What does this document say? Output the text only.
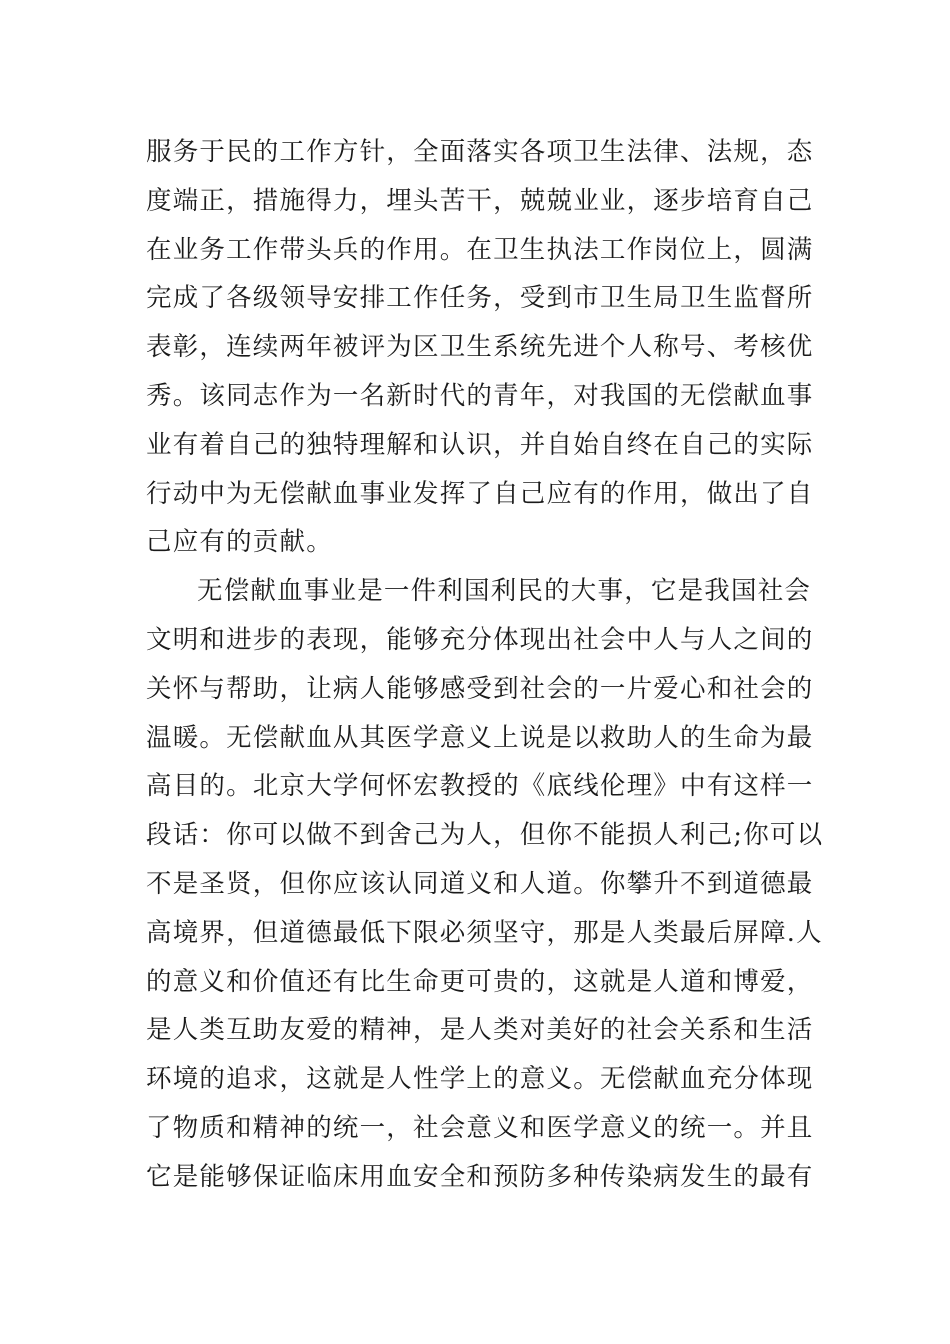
服务于民的工作方针，全面落实各项卫生法律、法规，态
度端正，措施得力，埋头苦干，兢兢业业，逐步培育自己
在业务工作带头兵的作用。在卫生执法工作岗位上，圆满
完成了各级领导安排工作任务，受到市卫生局卫生监督所
表彰，连续两年被评为区卫生系统先进个人称号、考核优
秀。该同志作为一名新时代的青年，对我国的无偿献血事
业有着自己的独特理解和认识，并自始自终在自己的实际
行动中为无偿献血事业发挥了自己应有的作用，做出了自
己应有的贡献。
无偿献血事业是一件利国利民的大事，它是我国社会
文明和进步的表现，能够充分体现出社会中人与人之间的
关怀与帮助，让病人能够感受到社会的一片爱心和社会的
温暖。无偿献血从其医学意义上说是以救助人的生命为最
高目的。北京大学何怀宏教授的《底线伦理》中有这样一
段话：你可以做不到舍己为人，但你不能损人利己;你可以
不是圣贤，但你应该认同道义和人道。你攀升不到道德最
高境界，但道德最低下限必须坚守，那是人类最后屏障.人
的意义和价值还有比生命更可贵的，这就是人道和博爱，
是人类互助友爱的精神，是人类对美好的社会关系和生活
环境的追求，这就是人性学上的意义。无偿献血充分体现
了物质和精神的统一，社会意义和医学意义的统一。并且
它是能够保证临床用血安全和预防多种传染病发生的最有
